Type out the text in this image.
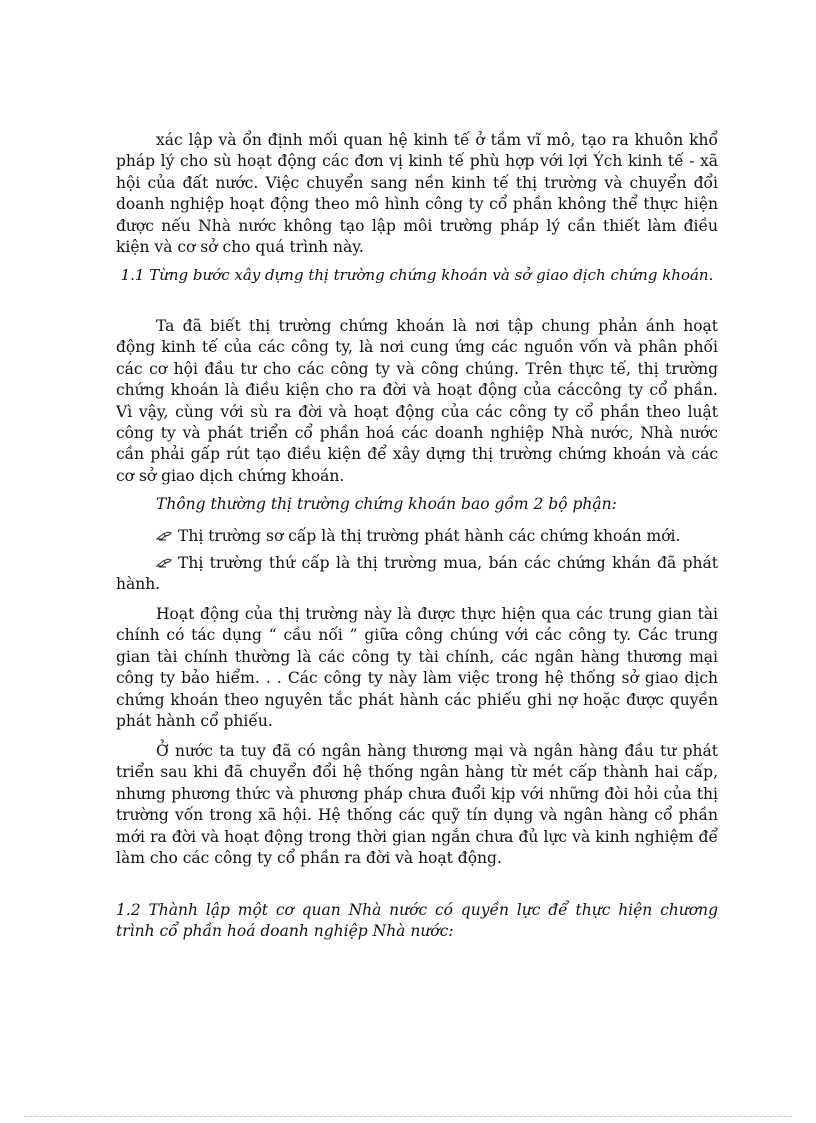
xác lập và ổn định mối quan hệ kinh tế ở tầm vĩ mô, tạo ra khuôn khổ pháp lý cho sù hoạt động các đơn vị kinh tế phù hợp với lợi Ých kinh tế - xã hội của đất nước. Việc chuyển sang nền kinh tế thị trường và chuyển đổi doanh nghiệp hoạt động theo mô hình công ty cổ phần không thể thực hiện được nếu Nhà nước không tạo lập môi trường pháp lý cần thiết làm điều kiện và cơ sở cho quá trình này.

1.1 Từng bước xây dựng thị trường chứng khoán và sở giao dịch chứng khoán.

Ta đã biết thị trường chứng khoán là nơi tập chung phản ánh hoạt động kinh tế của các công ty, là nơi cung ứng các nguồn vốn và phân phối các cơ hội đầu tư cho các công ty và công chúng. Trên thực tế, thị trường chứng khoán là điều kiện cho ra đời và hoạt động của cáccông ty cổ phần. Vì vậy, cùng với sù ra đời và hoạt động của các công ty cổ phần theo luật công ty và phát triển cổ phần hoá các doanh nghiệp Nhà nước, Nhà nước cần phải gấp rút tạo điều kiện để xây dựng thị trường chứng khoán và các cơ sở giao dịch chứng khoán.

Thông thường thị trường chứng khoán bao gồm 2 bộ phận:

Thị trường sơ cấp là thị trường phát hành các chứng khoán mới.

Thị trường thứ cấp là thị trường mua, bán các chứng khán đã phát hành.

Hoạt động của thị trường này là được thực hiện qua các trung gian tài chính có tác dụng “ cầu nối ” giữa công chúng với các công ty. Các trung gian tài chính thường là các công ty tài chính, các ngân hàng thương mại công ty bảo hiểm. . . Các công ty này làm việc trong hệ thống sở giao dịch chứng khoán theo nguyên tắc phát hành các phiếu ghi nợ hoặc được quyền phát hành cổ phiếu.

Ở nước ta tuy đã có ngân hàng thương mại và ngân hàng đầu tư phát triển sau khi đã chuyển đổi hệ thống ngân hàng từ mét cấp thành hai cấp, nhưng phương thức và phương pháp chưa đuổi kịp với những đòi hỏi của thị trường vốn trong xã hội. Hệ thống các quỹ tín dụng và ngân hàng cổ phần mới ra đời và hoạt động trong thời gian ngắn chưa đủ lực và kinh nghiệm để làm cho các công ty cổ phần ra đời và hoạt động.

1.2 Thành lập một cơ quan Nhà nước có quyền lực để thực hiện chương trình cổ phần hoá doanh nghiệp Nhà nước:
